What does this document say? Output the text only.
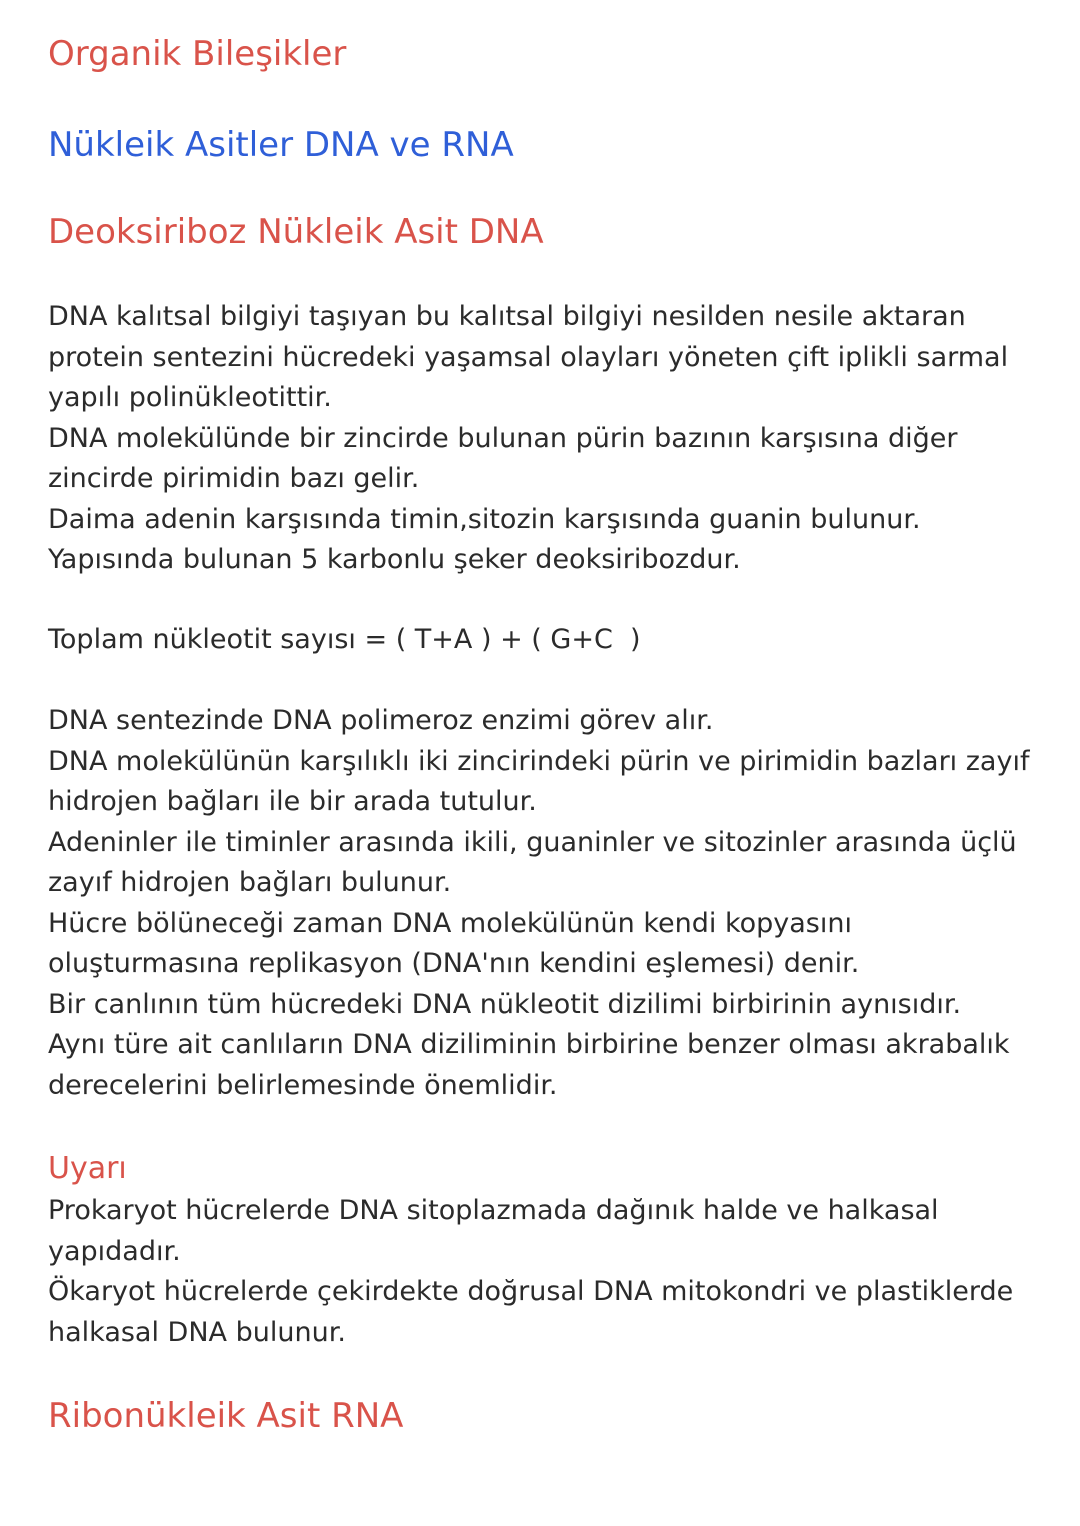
Organik Bileşikler
Nükleik Asitler DNA ve RNA
Deoksiriboz Nükleik Asit DNA
DNA kalıtsal bilgiyi taşıyan bu kalıtsal bilgiyi nesilden nesile aktaran
protein sentezini hücredeki yaşamsal olayları yöneten çift iplikli sarmal
yapılı polinükleotittir.
DNA molekülünde bir zincirde bulunan pürin bazının karşısına diğer
zincirde pirimidin bazı gelir.
Daima adenin karşısında timin,sitozin karşısında guanin bulunur.
Yapısında bulunan 5 karbonlu şeker deoksiribozdur.
Toplam nükleotit sayısı = ( T+A ) + ( G+C  )
DNA sentezinde DNA polimeroz enzimi görev alır.
DNA molekülünün karşılıklı iki zincirindeki pürin ve pirimidin bazları zayıf
hidrojen bağları ile bir arada tutulur.
Adeninler ile timinler arasında ikili, guaninler ve sitozinler arasında üçlü
zayıf hidrojen bağları bulunur.
Hücre bölüneceği zaman DNA molekülünün kendi kopyasını
oluşturmasına replikasyon (DNA'nın kendini eşlemesi) denir.
Bir canlının tüm hücredeki DNA nükleotit dizilimi birbirinin aynısıdır.
Aynı türe ait canlıların DNA diziliminin birbirine benzer olması akrabalık
derecelerini belirlemesinde önemlidir.
Uyarı
Prokaryot hücrelerde DNA sitoplazmada dağınık halde ve halkasal
yapıdadır.
Ökaryot hücrelerde çekirdekte doğrusal DNA mitokondri ve plastiklerde
halkasal DNA bulunur.
Ribonükleik Asit RNA
